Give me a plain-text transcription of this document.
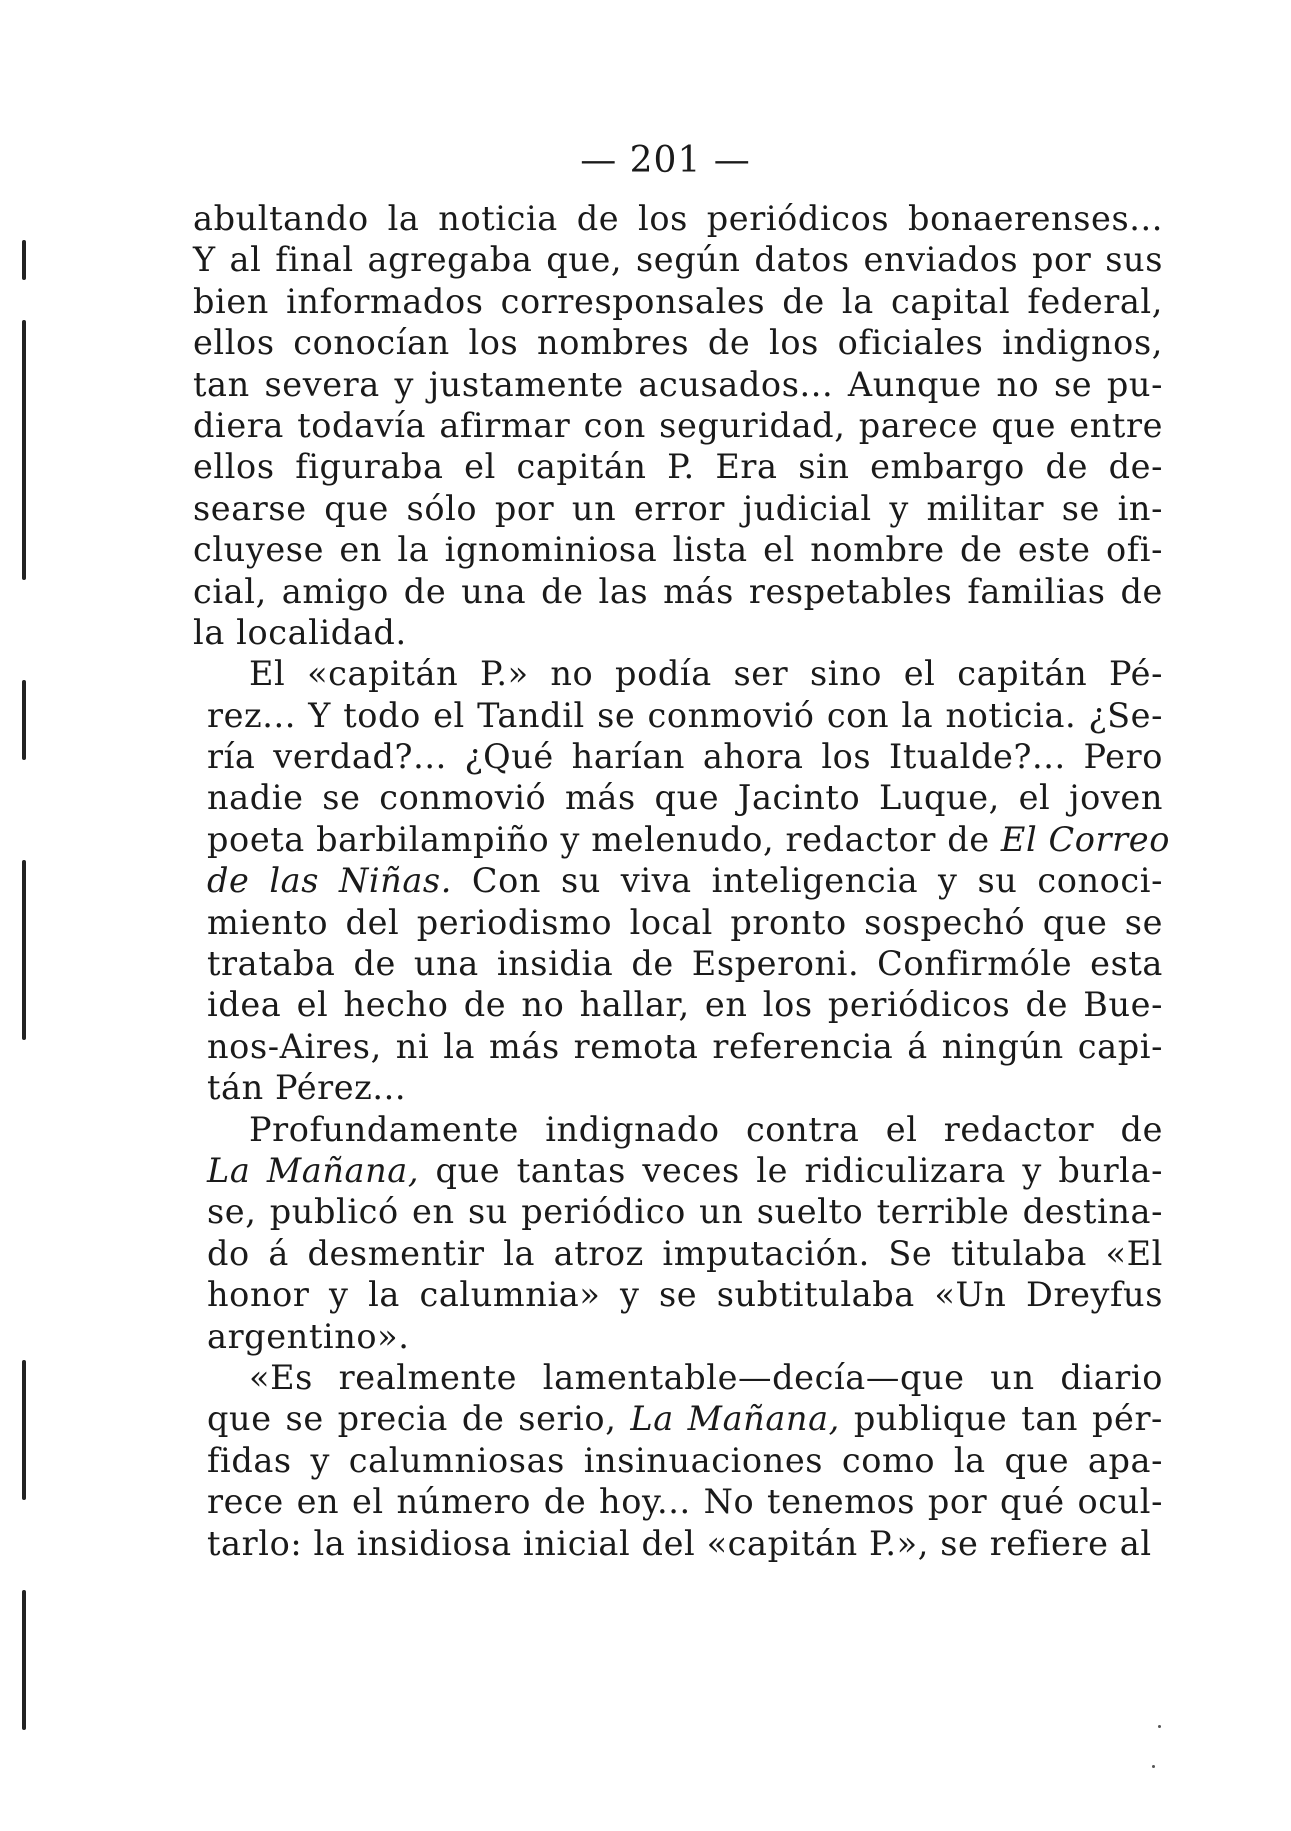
— 201 —
abultando la noticia de los periódicos bonaerenses...
Y al final agregaba que, según datos enviados por sus
bien informados corresponsales de la capital federal,
ellos conocían los nombres de los oficiales indignos,
tan severa y justamente acusados... Aunque no se pu-
diera todavía afirmar con seguridad, parece que entre
ellos figuraba el capitán P. Era sin embargo de de-
searse que sólo por un error judicial y militar se in-
cluyese en la ignominiosa lista el nombre de este ofi-
cial, amigo de una de las más respetables familias de
la localidad.
El «capitán P.» no podía ser sino el capitán Pé-
rez... Y todo el Tandil se conmovió con la noticia. ¿Se-
ría verdad?... ¿Qué harían ahora los Itualde?... Pero
nadie se conmovió más que Jacinto Luque, el joven
poeta barbilampiño y melenudo, redactor de El Correo
de las Niñas. Con su viva inteligencia y su conoci-
miento del periodismo local pronto sospechó que se
trataba de una insidia de Esperoni. Confirmóle esta
idea el hecho de no hallar, en los periódicos de Bue-
nos-Aires, ni la más remota referencia á ningún capi-
tán Pérez...
Profundamente indignado contra el redactor de
La Mañana, que tantas veces le ridiculizara y burla-
se, publicó en su periódico un suelto terrible destina-
do á desmentir la atroz imputación. Se titulaba «El
honor y la calumnia» y se subtitulaba «Un Dreyfus
argentino».
«Es realmente lamentable—decía—que un diario
que se precia de serio, La Mañana, publique tan pér-
fidas y calumniosas insinuaciones como la que apa-
rece en el número de hoy... No tenemos por qué ocul-
tarlo: la insidiosa inicial del «capitán P.», se refiere al
